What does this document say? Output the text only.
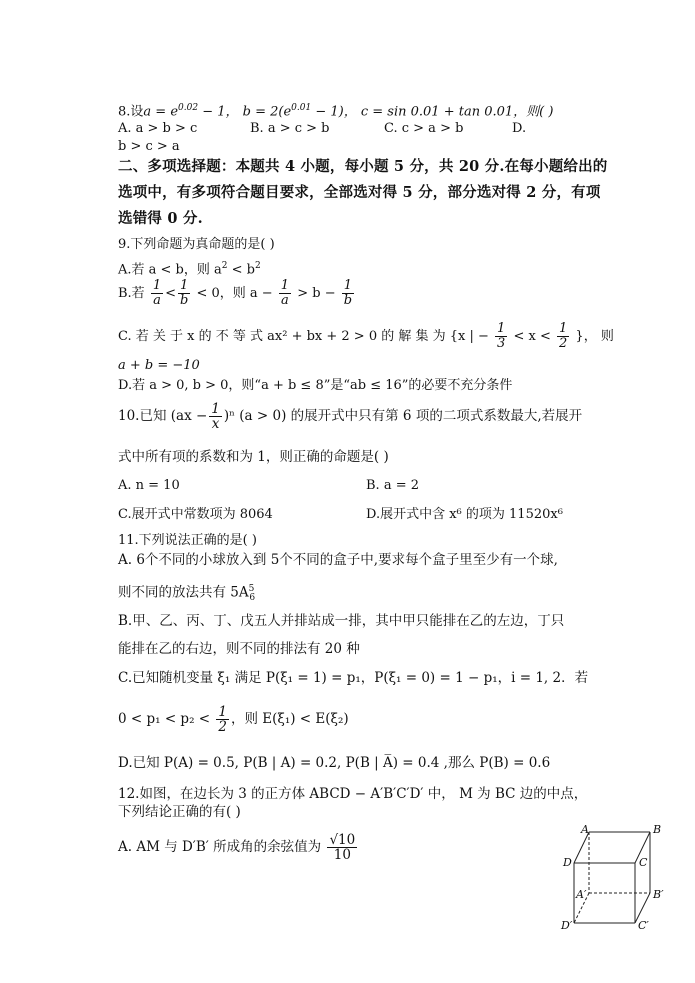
8.设$a = e^{0.02} - 1$， $b = 2(e^{0.01} - 1)$， c = sin 0.01 + tan 0.01，则( )
A. a > b > c	B. a > c > b	C. c > a > b	D.
b > c > a
二、多项选择题：本题共 4 小题，每小题 5 分，共 20 分.在每小题给出的
选项中，有多项符合题目要求，全部选对得 5 分，部分选对得 2 分，有项
选错得 0 分.
9.下列命题为真命题的是( )
A.若 a < b，则 $a^2 < b^2$
B.若 $\frac{1}{a} < \frac{1}{b} < 0$，则 $a - \frac{1}{a} > b - \frac{1}{b}$
C. 若 关 于 x 的 不 等 式 ax² + bx + 2 > 0 的 解 集 为 {x | − $\frac{1}{3} < x < \frac{1}{2}$ }， 则
a + b = −10
D.若 a > 0, b > 0，则“a + b ≤ 8”是“ab ≤ 16”的必要不充分条件
10.已知 $(ax - \frac{1}{x} )^n$ (a > 0) 的展开式中只有第 6 项的二项式系数最大,若展开
式中所有项的系数和为 1，则正确的命题是( )
A. n = 10	B. a = 2
C.展开式中常数项为 8064	D.展开式中含 x⁶ 的项为 11520x⁶
11.下列说法正确的是( )
A. 6个不同的小球放入到 5个不同的盒子中,要求每个盒子里至少有一个球,
则不同的放法共有 $5A^5_6$
B.甲、乙、丙、丁、戊五人并排站成一排，其中甲只能排在乙的左边，丁只
能排在乙的右边，则不同的排法有 20 种
C.已知随机变量 ξ₁ 满足 P(ξ₁ = 1) = p₁，P(ξ₁ = 0) = 1 − p₁，i = 1, 2．若
$0 < p_1 < p_2 < \frac{1}{2}$ ，则 E(ξ₁) < E(ξ₂)
D.已知 P(A) = 0.5, P(B | A) = 0.2, P(B | A̅) = 0.4 ,那么 P(B) = 0.6
12.如图，在边长为 3 的正方体 ABCD − A′B′C′D′ 中， M 为 BC 边的中点，
下列结论正确的有( )
A. AM 与 D′B′ 所成角的余弦值为 $\frac{√10}{10}$
A	B
D	C
A′	B′
D′	C′
